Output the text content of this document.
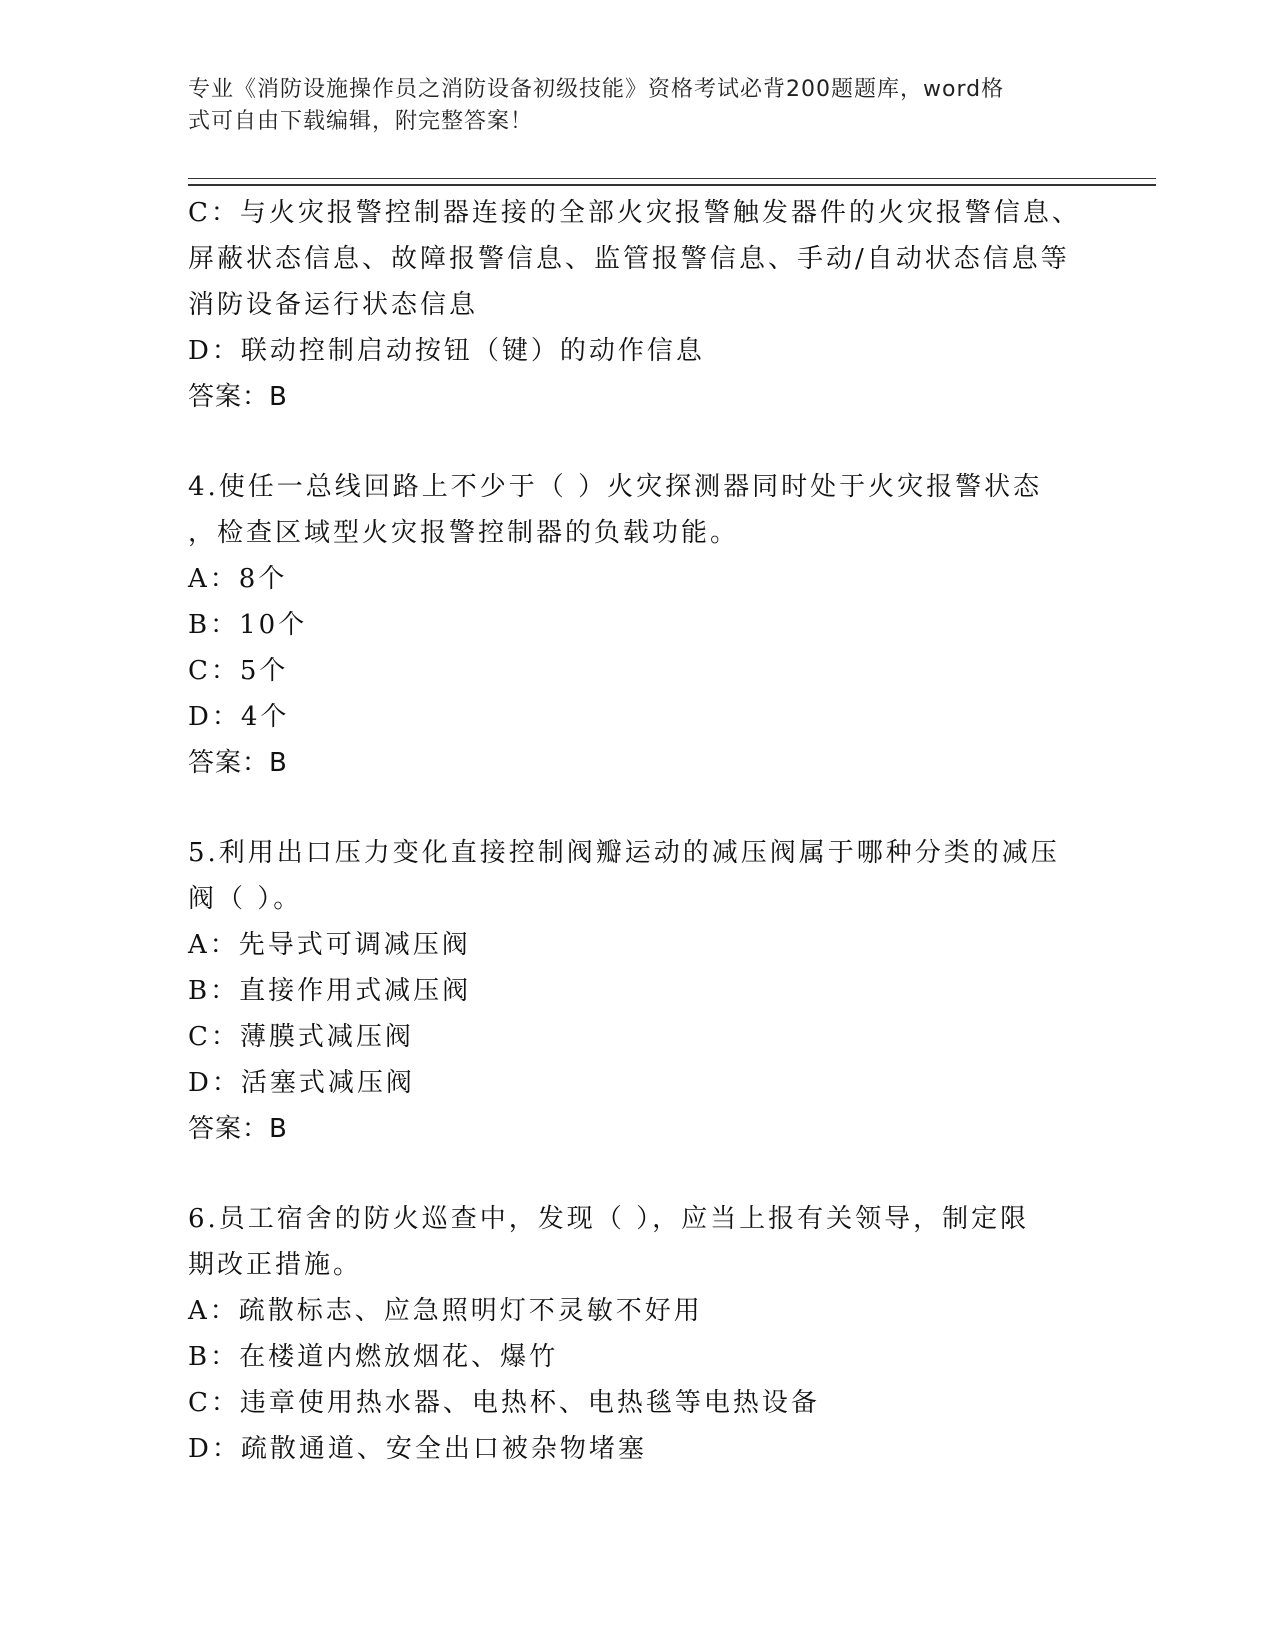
专业《消防设施操作员之消防设备初级技能》资格考试必背200题题库，word格
式可自由下载编辑，附完整答案！
C：与火灾报警控制器连接的全部火灾报警触发器件的火灾报警信息、
屏蔽状态信息、故障报警信息、监管报警信息、手动/自动状态信息等
消防设备运行状态信息
D：联动控制启动按钮（键）的动作信息
答案：B
4.使任一总线回路上不少于（ ）火灾探测器同时处于火灾报警状态
，检查区域型火灾报警控制器的负载功能。
A：8个
B：10个
C：5个
D：4个
答案：B
5.利用出口压力变化直接控制阀瓣运动的减压阀属于哪种分类的减压
阀（ ）。
A：先导式可调减压阀
B：直接作用式减压阀
C：薄膜式减压阀
D：活塞式减压阀
答案：B
6.员工宿舍的防火巡查中，发现（ ），应当上报有关领导，制定限
期改正措施。
A：疏散标志、应急照明灯不灵敏不好用
B：在楼道内燃放烟花、爆竹
C：违章使用热水器、电热杯、电热毯等电热设备
D：疏散通道、安全出口被杂物堵塞
